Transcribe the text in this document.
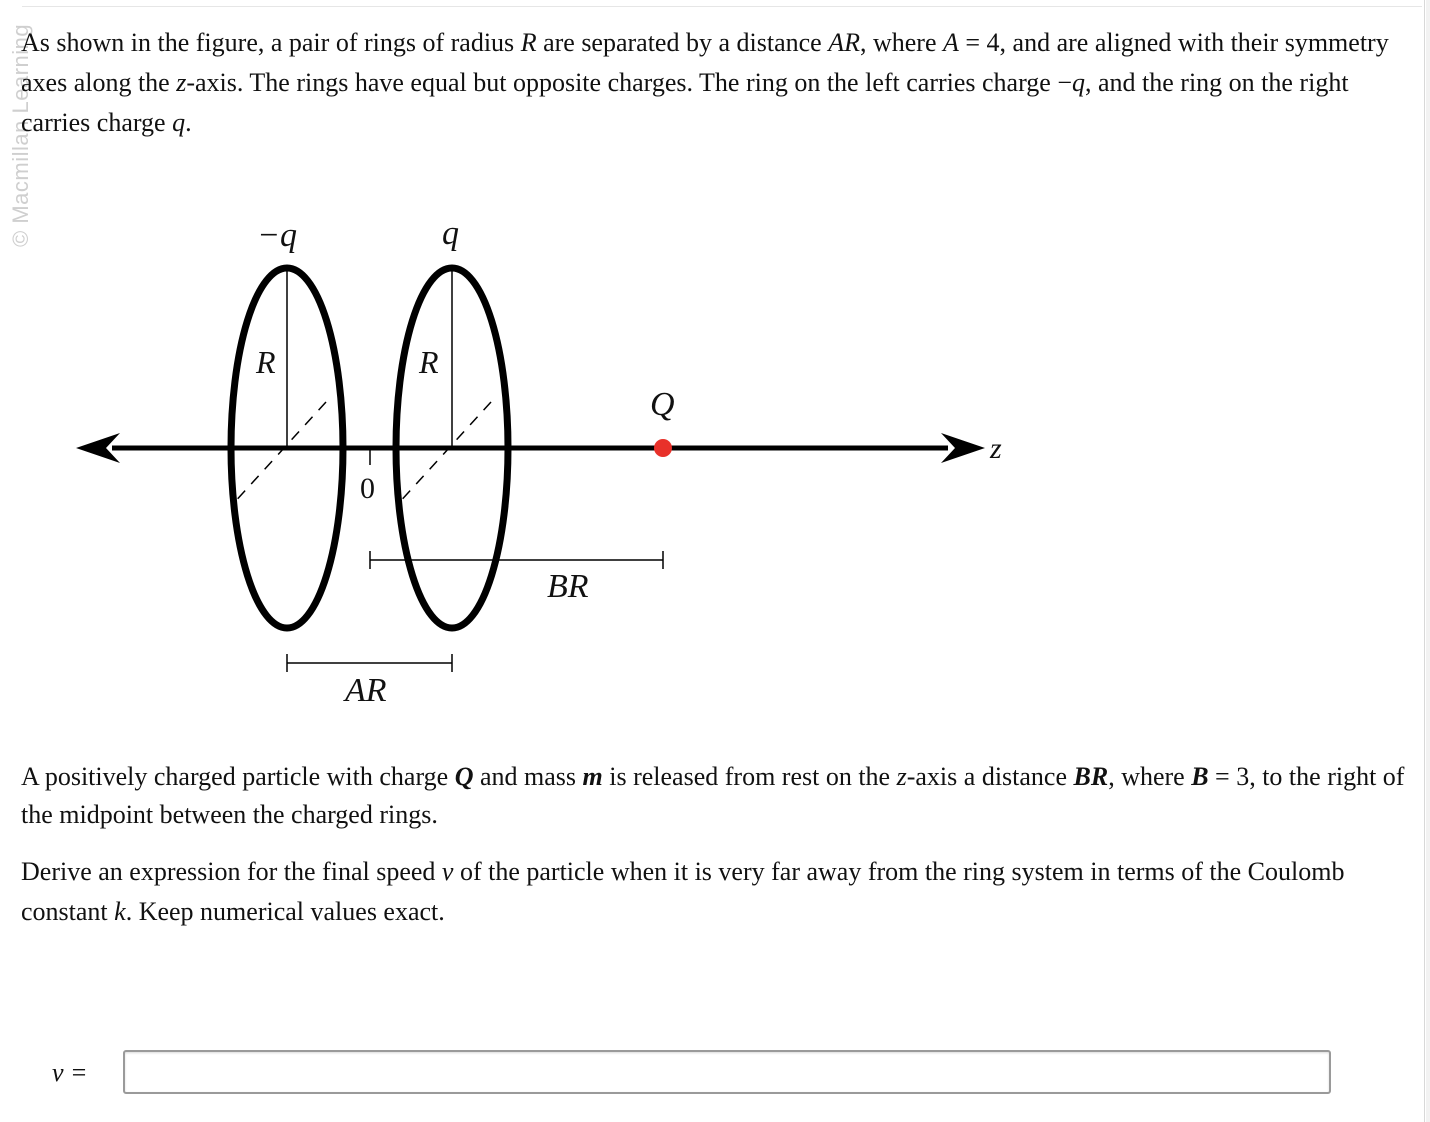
© Macmillan Learning
As shown in the figure, a pair of rings of radius R are separated by a distance AR, where A = 4, and are aligned with their symmetry axes along the z-axis. The rings have equal but opposite charges. The ring on the left carries charge −q, and the ring on the right carries charge q.
−q	q
R	R
Q
z
BR
AR
0
A positively charged particle with charge Q and mass m is released from rest on the z-axis a distance BR, where B = 3, to the right of the midpoint between the charged rings.
Derive an expression for the final speed v of the particle when it is very far away from the ring system in terms of the Coulomb constant k. Keep numerical values exact.
v =
